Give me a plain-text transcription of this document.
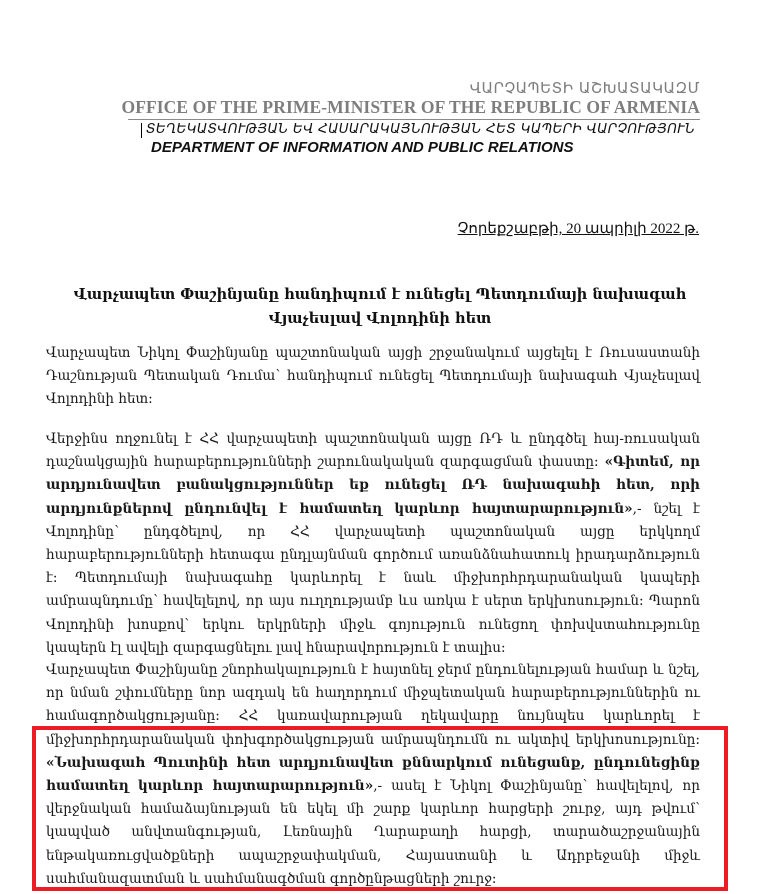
ՎԱՐՉԱՊԵՏԻ ԱՇԽԱՏԱԿԱԶՄ
OFFICE OF THE PRIME-MINISTER OF THE REPUBLIC OF ARMENIA
ՏԵՂԵԿԱՏՎՈՒԹՅԱՆ ԵՎ ՀԱՍԱՐԱԿԱՅՆՈՒԹՅԱՆ ՀԵՏ ԿԱՊԵՐԻ ՎԱՐՉՈՒԹՅՈՒՆ
DEPARTMENT OF INFORMATION AND PUBLIC RELATIONS
Չորեքշաբթի, 20 ապրիլի 2022 թ.
Վարչապետ Փաշինյանը հանդիպում է ունեցել Պետդումայի նախագահ Վյաչեսլավ Վոլոդինի հետ
Վարչապետ Նիկոլ Փաշինյանը պաշտոնական այցի շրջանակում այցելել է Ռուսաստանի Դաշնության Պետական Դումա՝ հանդիպում ունեցել Պետդումայի նախագահ Վյաչեսլավ Վոլոդինի հետ:
Վերջինս ողջունել է ՀՀ վարչապետի պաշտոնական այցը ՌԴ և ընդգծել հայ-ռուսական դաշնակցային հարաբերությունների շարունակական զարգացման փաստը: «Գիտեմ, որ արդյունավետ բանակցություններ եք ունեցել ՌԴ նախագահի հետ, որի արդյունքներով ընդունվել է համատեղ կարևոր հայտարարություն»,- նշել է Վոլոդինը՝ ընդգծելով, որ ՀՀ վարչապետի պաշտոնական այցը երկկողմ հարաբերությունների հետագա ընդլայնման գործում առանձնահատուկ իրադարձություն է: Պետդումայի նախագահը կարևորել է նաև միջխորհրդարանական կապերի ամրապնդումը՝ հավելելով, որ այս ուղղությամբ ևս առկա է սերտ երկխոսություն: Պարոն Վոլոդինի խոսքով՝ երկու երկրների միջև գոյություն ունեցող փոխվստահությունը կապերն էլ ավելի զարգացնելու լավ հնարավորություն է տալիս:
Վարչապետ Փաշինյանը շնորհակալություն է հայտնել ջերմ ընդունելության համար և նշել, որ նման շփումները նոր ազդակ են հաղորդում միջպետական հարաբերություններին ու համագործակցությանը: ՀՀ կառավարության ղեկավարը նույնպես կարևորել է միջխորհրդարանական փոխգործակցության ամրապնդումն ու ակտիվ երկխոսությունը: «Նախագահ Պուտինի հետ արդյունավետ քննարկում ունեցանք, ընդունեցինք համատեղ կարևոր հայտարարություն»,- ասել է Նիկոլ Փաշինյանը՝ հավելելով, որ վերջնական համաձայնության են եկել մի շարք կարևոր հարցերի շուրջ, այդ թվում՝ կապված անվտանգության, Լեռնային Ղարաբաղի հարցի, տարածաշրջանային ենթակառուցվածքների ապաշրջափակման, Հայաստանի և Ադրբեջանի միջև սահմանազատման և սահմանագծման գործընթացների շուրջ:
